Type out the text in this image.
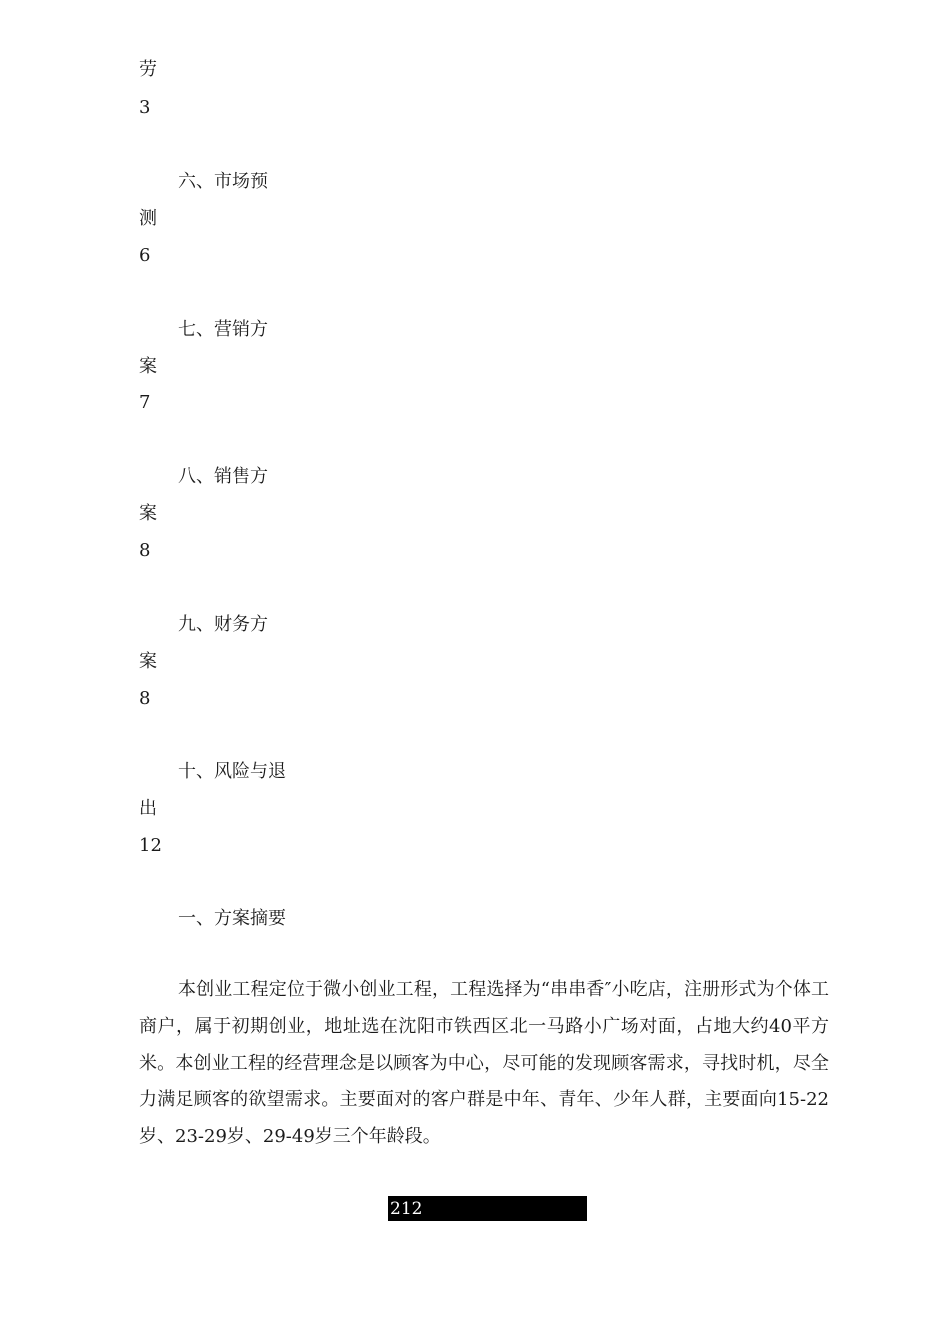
劳

3

六、市场预

测

6

七、营销方

案

7

八、销售方

案

8

九、财务方

案

8

十、风险与退

出

12

一、方案摘要

本创业工程定位于微小创业工程，工程选择为“串串香″小吃店，注册形式为个体工商户，属于初期创业，地址选在沈阳市铁西区北一马路小广场对面，占地大约40平方米。本创业工程的经营理念是以顾客为中心，尽可能的发现顾客需求，寻找时机，尽全力满足顾客的欲望需求。主要面对的客户群是中年、青年、少年人群，主要面向15-22岁、23-29岁、29-49岁三个年龄段。

212
